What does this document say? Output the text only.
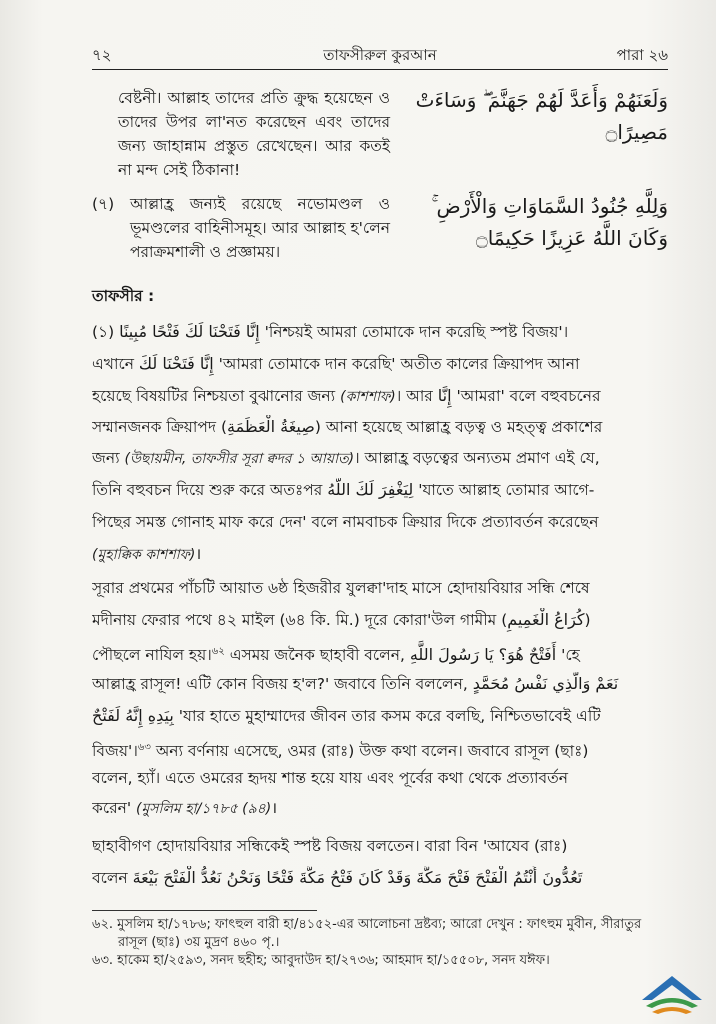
৭২	তাফসীরুল কুরআন	পারা ২৬
বেষ্টনী। আল্লাহ তাদের প্রতি ক্রুদ্ধ হয়েছেন ও তাদের উপর লা'নত করেছেন এবং তাদের জন্য জাহান্নাম প্রস্তুত রেখেছেন। আর কতই না মন্দ সেই ঠিকানা!
وَلَعَنَهُمْ وَأَعَدَّ لَهُمْ جَهَنَّمَ ۖ وَسَاءَتْ مَصِيرًا۝
(৭)	আল্লাহ্র জন্যই রয়েছে নভোমণ্ডল ও ভূমণ্ডলের বাহিনীসমূহ। আর আল্লাহ হ'লেন পরাক্রমশালী ও প্রজ্ঞাময়।
وَلِلَّهِ جُنُودُ السَّمَاوَاتِ وَالْأَرْضِ ۚ وَكَانَ اللَّهُ عَزِيزًا حَكِيمًا۝
তাফসীর :
(১) إِنَّا فَتَحْنَا لَكَ فَتْحًا مُبِينًا 'নিশ্চয়ই আমরা তোমাকে দান করেছি স্পষ্ট বিজয়'।
এখানে إِنَّا فَتَحْنَا لَكَ 'আমরা তোমাকে দান করেছি' অতীত কালের ক্রিয়াপদ আনা
হয়েছে বিষয়টির নিশ্চয়তা বুঝানোর জন্য (কাশশাফ)। আর إِنَّا 'আমরা' বলে বহুবচনের
সম্মানজনক ক্রিয়াপদ (صِيغَةُ الْعَظَمَةِ) আনা হয়েছে আল্লাহ্র বড়ত্ব ও মহত্ত্ব প্রকাশের
জন্য (উছায়মীন, তাফসীর সূরা ক্বদর ১ আয়াত)। আল্লাহ্র বড়ত্বের অন্যতম প্রমাণ এই যে,
তিনি বহুবচন দিয়ে শুরু করে অতঃপর لِيَغْفِرَ لَكَ اللَّهُ 'যাতে আল্লাহ তোমার আগে-
পিছের সমস্ত গোনাহ মাফ করে দেন' বলে নামবাচক ক্রিয়ার দিকে প্রত্যাবর্তন করেছেন
(মুহাক্কিক কাশশাফ)।
সূরার প্রথমের পাঁচটি আয়াত ৬ষ্ঠ হিজরীর যুলক্বা'দাহ মাসে হোদায়বিয়ার সন্ধি শেষে
মদীনায় ফেরার পথে ৪২ মাইল (৬৪ কি. মি.) দূরে কোরা'উল গামীম (كُرَاعُ الْغَمِيمِ)
পৌছলে নাযিল হয়।$^{৬২}$ এসময় জনৈক ছাহাবী বলেন, أَفَتْحٌ هُوَ؟ يَا رَسُولَ اللَّهِ 'হে
আল্লাহ্র রাসূল! এটি কোন বিজয় হ'ল?' জবাবে তিনি বললেন, نَعَمْ وَالَّذِي نَفْسُ مُحَمَّدٍ
بِيَدِهِ إِنَّهُ لَفَتْحٌ 'যার হাতে মুহাম্মাদের জীবন তার কসম করে বলছি, নিশ্চিতভাবেই এটি
বিজয়'।$^{৬৩}$ অন্য বর্ণনায় এসেছে, ওমর (রাঃ) উক্ত কথা বলেন। জবাবে রাসূল (ছাঃ)
বলেন, হ্যাঁ। এতে ওমরের হৃদয় শান্ত হয়ে যায় এবং পূর্বের কথা থেকে প্রত্যাবর্তন
করেন' (মুসলিম হা/১৭৮৫ (৯৪)।
ছাহাবীগণ হোদায়বিয়ার সন্ধিকেই স্পষ্ট বিজয় বলতেন। বারা বিন 'আযেব (রাঃ)
বলেন تَعُدُّونَ أَنْتُمُ الْفَتْحَ فَتْحَ مَكَّةَ وَقَدْ كَانَ فَتْحُ مَكَّةَ فَتْحًا وَنَحْنُ نَعُدُّ الْفَتْحَ بَيْعَةَ
৬২. মুসলিম হা/১৭৮৬; ফাৎহুল বারী হা/৪১৫২-এর আলোচনা দ্রষ্টব্য; আরো দেখুন : ফাৎহুম মুবীন, সীরাতুর
রাসূল (ছাঃ) ৩য় মুদ্রণ ৪৬০ পৃ.।
৬৩. হাকেম হা/২৫৯৩, সনদ ছহীহ; আবুদাউদ হা/২৭৩৬; আহমাদ হা/১৫৫০৮, সনদ যঈফ।
